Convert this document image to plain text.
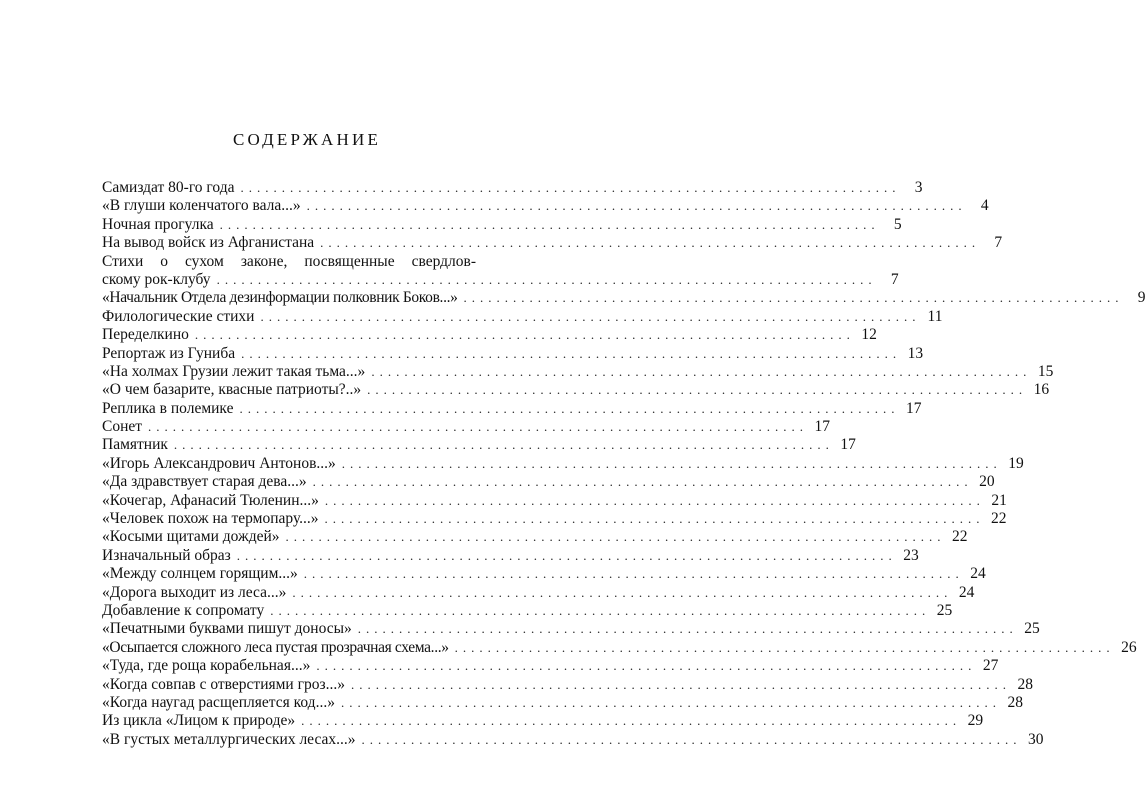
СОДЕРЖАНИЕ
Самиздат 80-го года ................................................................................ 3
«В глуши коленчатого вала...» ................................................................................ 4
Ночная прогулка ................................................................................ 5
На вывод войск из Афганистана ................................................................................ 7
Стихи о сухом законе, посвященные свердлов-
скому рок-клубу ................................................................................ 7
«Начальник Отдела дезинформации полковник Боков...» ................................................................................ 9
Филологические стихи ................................................................................ 11
Переделкино ................................................................................ 12
Репортаж из Гуниба ................................................................................ 13
«На холмах Грузии лежит такая тьма...» ................................................................................ 15
«О чем базарите, квасные патриоты?..» ................................................................................ 16
Реплика в полемике ................................................................................ 17
Сонет ................................................................................ 17
Памятник ................................................................................ 17
«Игорь Александрович Антонов...» ................................................................................ 19
«Да здравствует старая дева...» ................................................................................ 20
«Кочегар, Афанасий Тюленин...» ................................................................................ 21
«Человек похож на термопару...» ................................................................................ 22
«Косыми щитами дождей» ................................................................................ 22
Изначальный образ ................................................................................ 23
«Между солнцем горящим...» ................................................................................ 24
«Дорога выходит из леса...» ................................................................................ 24
Добавление к сопромату ................................................................................ 25
«Печатными буквами пишут доносы» ................................................................................ 25
«Осыпается сложного леса пустая прозрачная схема...» ................................................................................ 26
«Туда, где роща корабельная...» ................................................................................ 27
«Когда совпав с отверстиями гроз...» ................................................................................ 28
«Когда наугад расщепляется код...» ................................................................................ 28
Из цикла «Лицом к природе» ................................................................................ 29
«В густых металлургических лесах...» ................................................................................ 30
